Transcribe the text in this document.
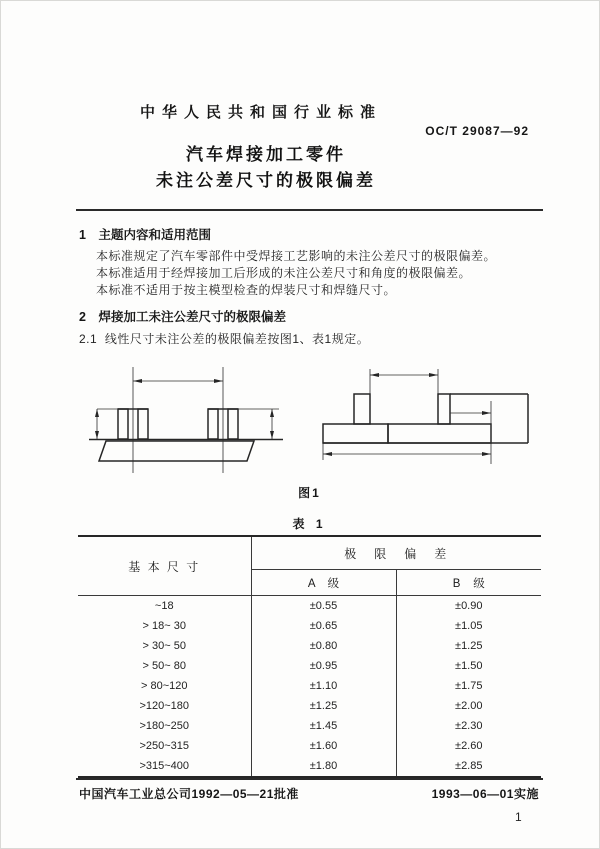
中华人民共和国行业标准
OC/T 29087—92
汽车焊接加工零件
未注公差尺寸的极限偏差
1 主题内容和适用范围
本标准规定了汽车零部件中受焊接工艺影响的未注公差尺寸的极限偏差。
本标准适用于经焊接加工后形成的未注公差尺寸和角度的极限偏差。
本标准不适用于按主模型检查的焊装尺寸和焊缝尺寸。
2 焊接加工未注公差尺寸的极限偏差
2.1 线性尺寸未注公差的极限偏差按图1、表1规定。
图1
表 1
基 本 尺 寸	极   限   偏   差	
	A    级	B    级
~18	±0.55	±0.90
> 18~ 30	±0.65	±1.05
> 30~ 50	±0.80	±1.25
> 50~ 80	±0.95	±1.50
> 80~120	±1.10	±1.75
>120~180	±1.25	±2.00
>180~250	±1.45	±2.30
>250~315	±1.60	±2.60
>315~400	±1.80	±2.85
中国汽车工业总公司1992—05—21批准	1993—06—01实施
1
